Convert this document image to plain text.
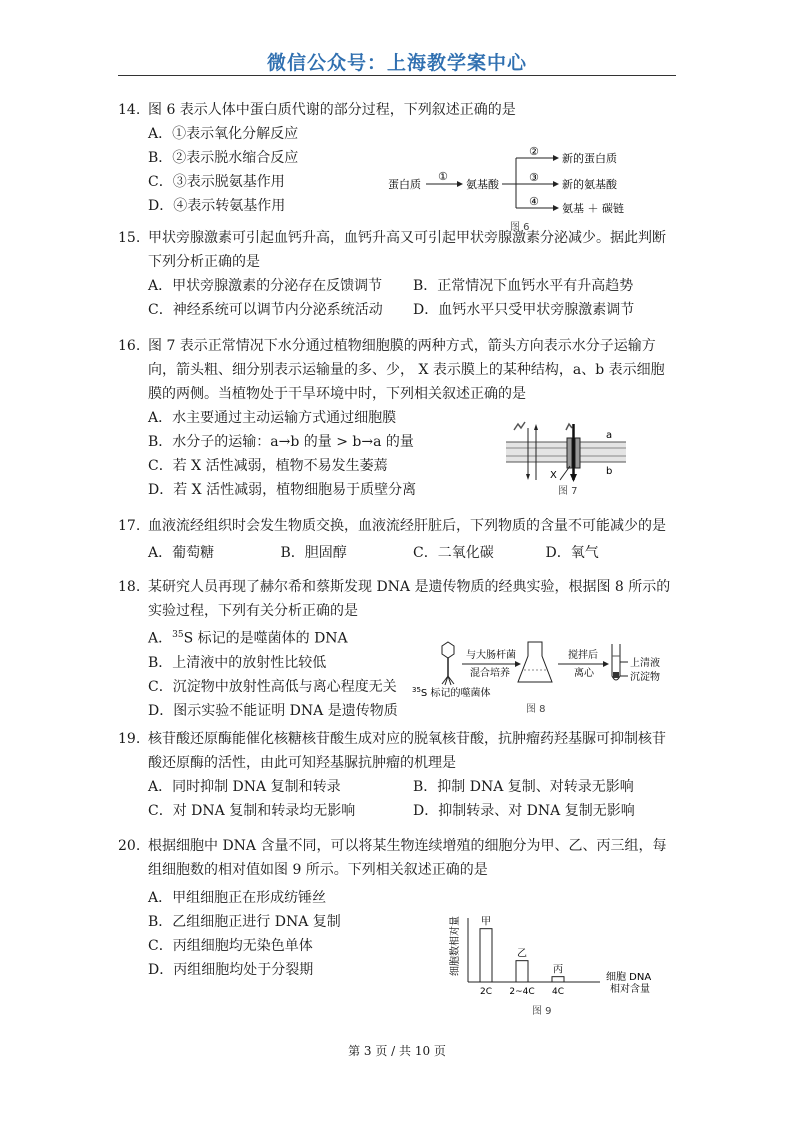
微信公众号：上海教学案中心
14. 图 6 表示人体中蛋白质代谢的部分过程，下列叙述正确的是
A．①表示氧化分解反应
B．②表示脱水缩合反应
C．③表示脱氨基作用
D．④表示转氨基作用
蛋白质
①
氨基酸
②
③
④
新的蛋白质
新的氨基酸
氨基 ＋ 碳链
图 6
15. 甲状旁腺激素可引起血钙升高，血钙升高又可引起甲状旁腺激素分泌减少。据此判断下列分析正确的是
A．甲状旁腺激素的分泌存在反馈调节	B．正常情况下血钙水平有升高趋势
C．神经系统可以调节内分泌系统活动	D．血钙水平只受甲状旁腺激素调节
16. 图 7 表示正常情况下水分通过植物细胞膜的两种方式，箭头方向表示水分子运输方向，箭头粗、细分别表示运输量的多、少， X 表示膜上的某种结构，a、b 表示细胞膜的两侧。当植物处于干旱环境中时，下列相关叙述正确的是
A．水主要通过主动运输方式通过细胞膜
B．水分子的运输：a→b 的量 > b→a 的量
C．若 X 活性减弱，植物不易发生萎蔫
D．若 X 活性减弱，植物细胞易于质壁分离
X
a
b
图 7
17. 血液流经组织时会发生物质交换，血液流经肝脏后，下列物质的含量不可能减少的是
A．葡萄糖	B．胆固醇	C．二氧化碳	D．氧气
18. 某研究人员再现了赫尔希和蔡斯发现 DNA 是遗传物质的经典实验，根据图 8 所示的实验过程，下列有关分析正确的是
A．$^{35}$S 标记的是噬菌体的 DNA
B．上清液中的放射性比较低
C．沉淀物中放射性高低与离心程度无关
D．图示实验不能证明 DNA 是遗传物质
$^{35}$S 标记的噬菌体
与大肠杆菌
混合培养
搅拌后
离心
上清液
沉淀物
图 8
19. 核苷酸还原酶能催化核糖核苷酸生成对应的脱氧核苷酸，抗肿瘤药羟基脲可抑制核苷酸还原酶的活性，由此可知羟基脲抗肿瘤的机理是
A．同时抑制 DNA 复制和转录	B．抑制 DNA 复制、对转录无影响
C．对 DNA 复制和转录均无影响	D．抑制转录、对 DNA 复制无影响
20. 根据细胞中 DNA 含量不同，可以将某生物连续增殖的细胞分为甲、乙、丙三组，每组细胞数的相对值如图 9 所示。下列相关叙述正确的是
A．甲组细胞正在形成纺锤丝
B．乙组细胞正进行 DNA 复制
C．丙组细胞均无染色单体
D．丙组细胞均处于分裂期	细胞数相对量
细胞 DNA
相对含量
甲
2C
乙
2~4C
丙
4C
图 9
第 3 页 / 共 10 页
